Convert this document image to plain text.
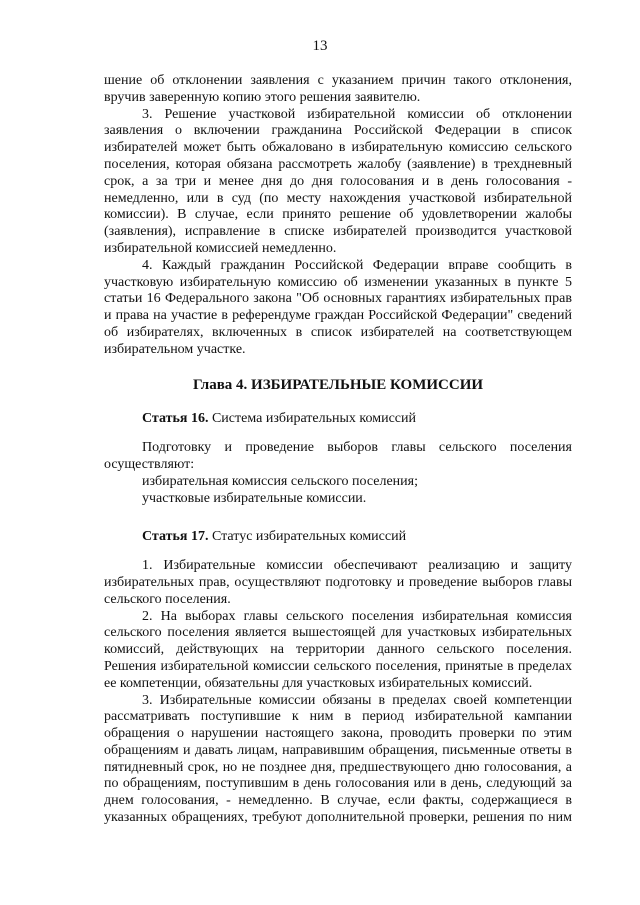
13

шение об отклонении заявления с указанием причин такого отклонения, вручив заверенную копию этого решения заявителю.

3. Решение участковой избирательной комиссии об отклонении заявления о включении гражданина Российской Федерации в список избирателей может быть обжаловано в избирательную комиссию сельского поселения, которая обязана рассмотреть жалобу (заявление) в трехдневный срок, а за три и менее дня до дня голосования и в день голосования - немедленно, или в суд (по месту нахождения участковой избирательной комиссии). В случае, если принято решение об удовлетворении жалобы (заявления), исправление в списке избирателей производится участковой избирательной комиссией немедленно.

4. Каждый гражданин Российской Федерации вправе сообщить в участковую избирательную комиссию об изменении указанных в пункте 5 статьи 16 Федерального закона "Об основных гарантиях избирательных прав и права на участие в референдуме граждан Российской Федерации" сведений об избирателях, включенных в список избирателей на соответствующем избирательном участке.

Глава 4. ИЗБИРАТЕЛЬНЫЕ КОМИССИИ

Статья 16. Система избирательных комиссий

Подготовку и проведение выборов главы сельского поселения осуществляют:

избирательная комиссия сельского поселения;

участковые избирательные комиссии.

Статья 17. Статус избирательных комиссий

1. Избирательные комиссии обеспечивают реализацию и защиту избирательных прав, осуществляют подготовку и проведение выборов главы сельского поселения.

2. На выборах главы сельского поселения избирательная комиссия сельского поселения является вышестоящей для участковых избирательных комиссий, действующих на территории данного сельского поселения. Решения избирательной комиссии сельского поселения, принятые в пределах ее компетенции, обязательны для участковых избирательных комиссий.

3. Избирательные комиссии обязаны в пределах своей компетенции рассматривать поступившие к ним в период избирательной кампании обращения о нарушении настоящего закона, проводить проверки по этим обращениям и давать лицам, направившим обращения, письменные ответы в пятидневный срок, но не позднее дня, предшествующего дню голосования, а по обращениям, поступившим в день голосования или в день, следующий за днем голосования, - немедленно. В случае, если факты, содержащиеся в указанных обращениях, требуют дополнительной проверки, решения по ним
